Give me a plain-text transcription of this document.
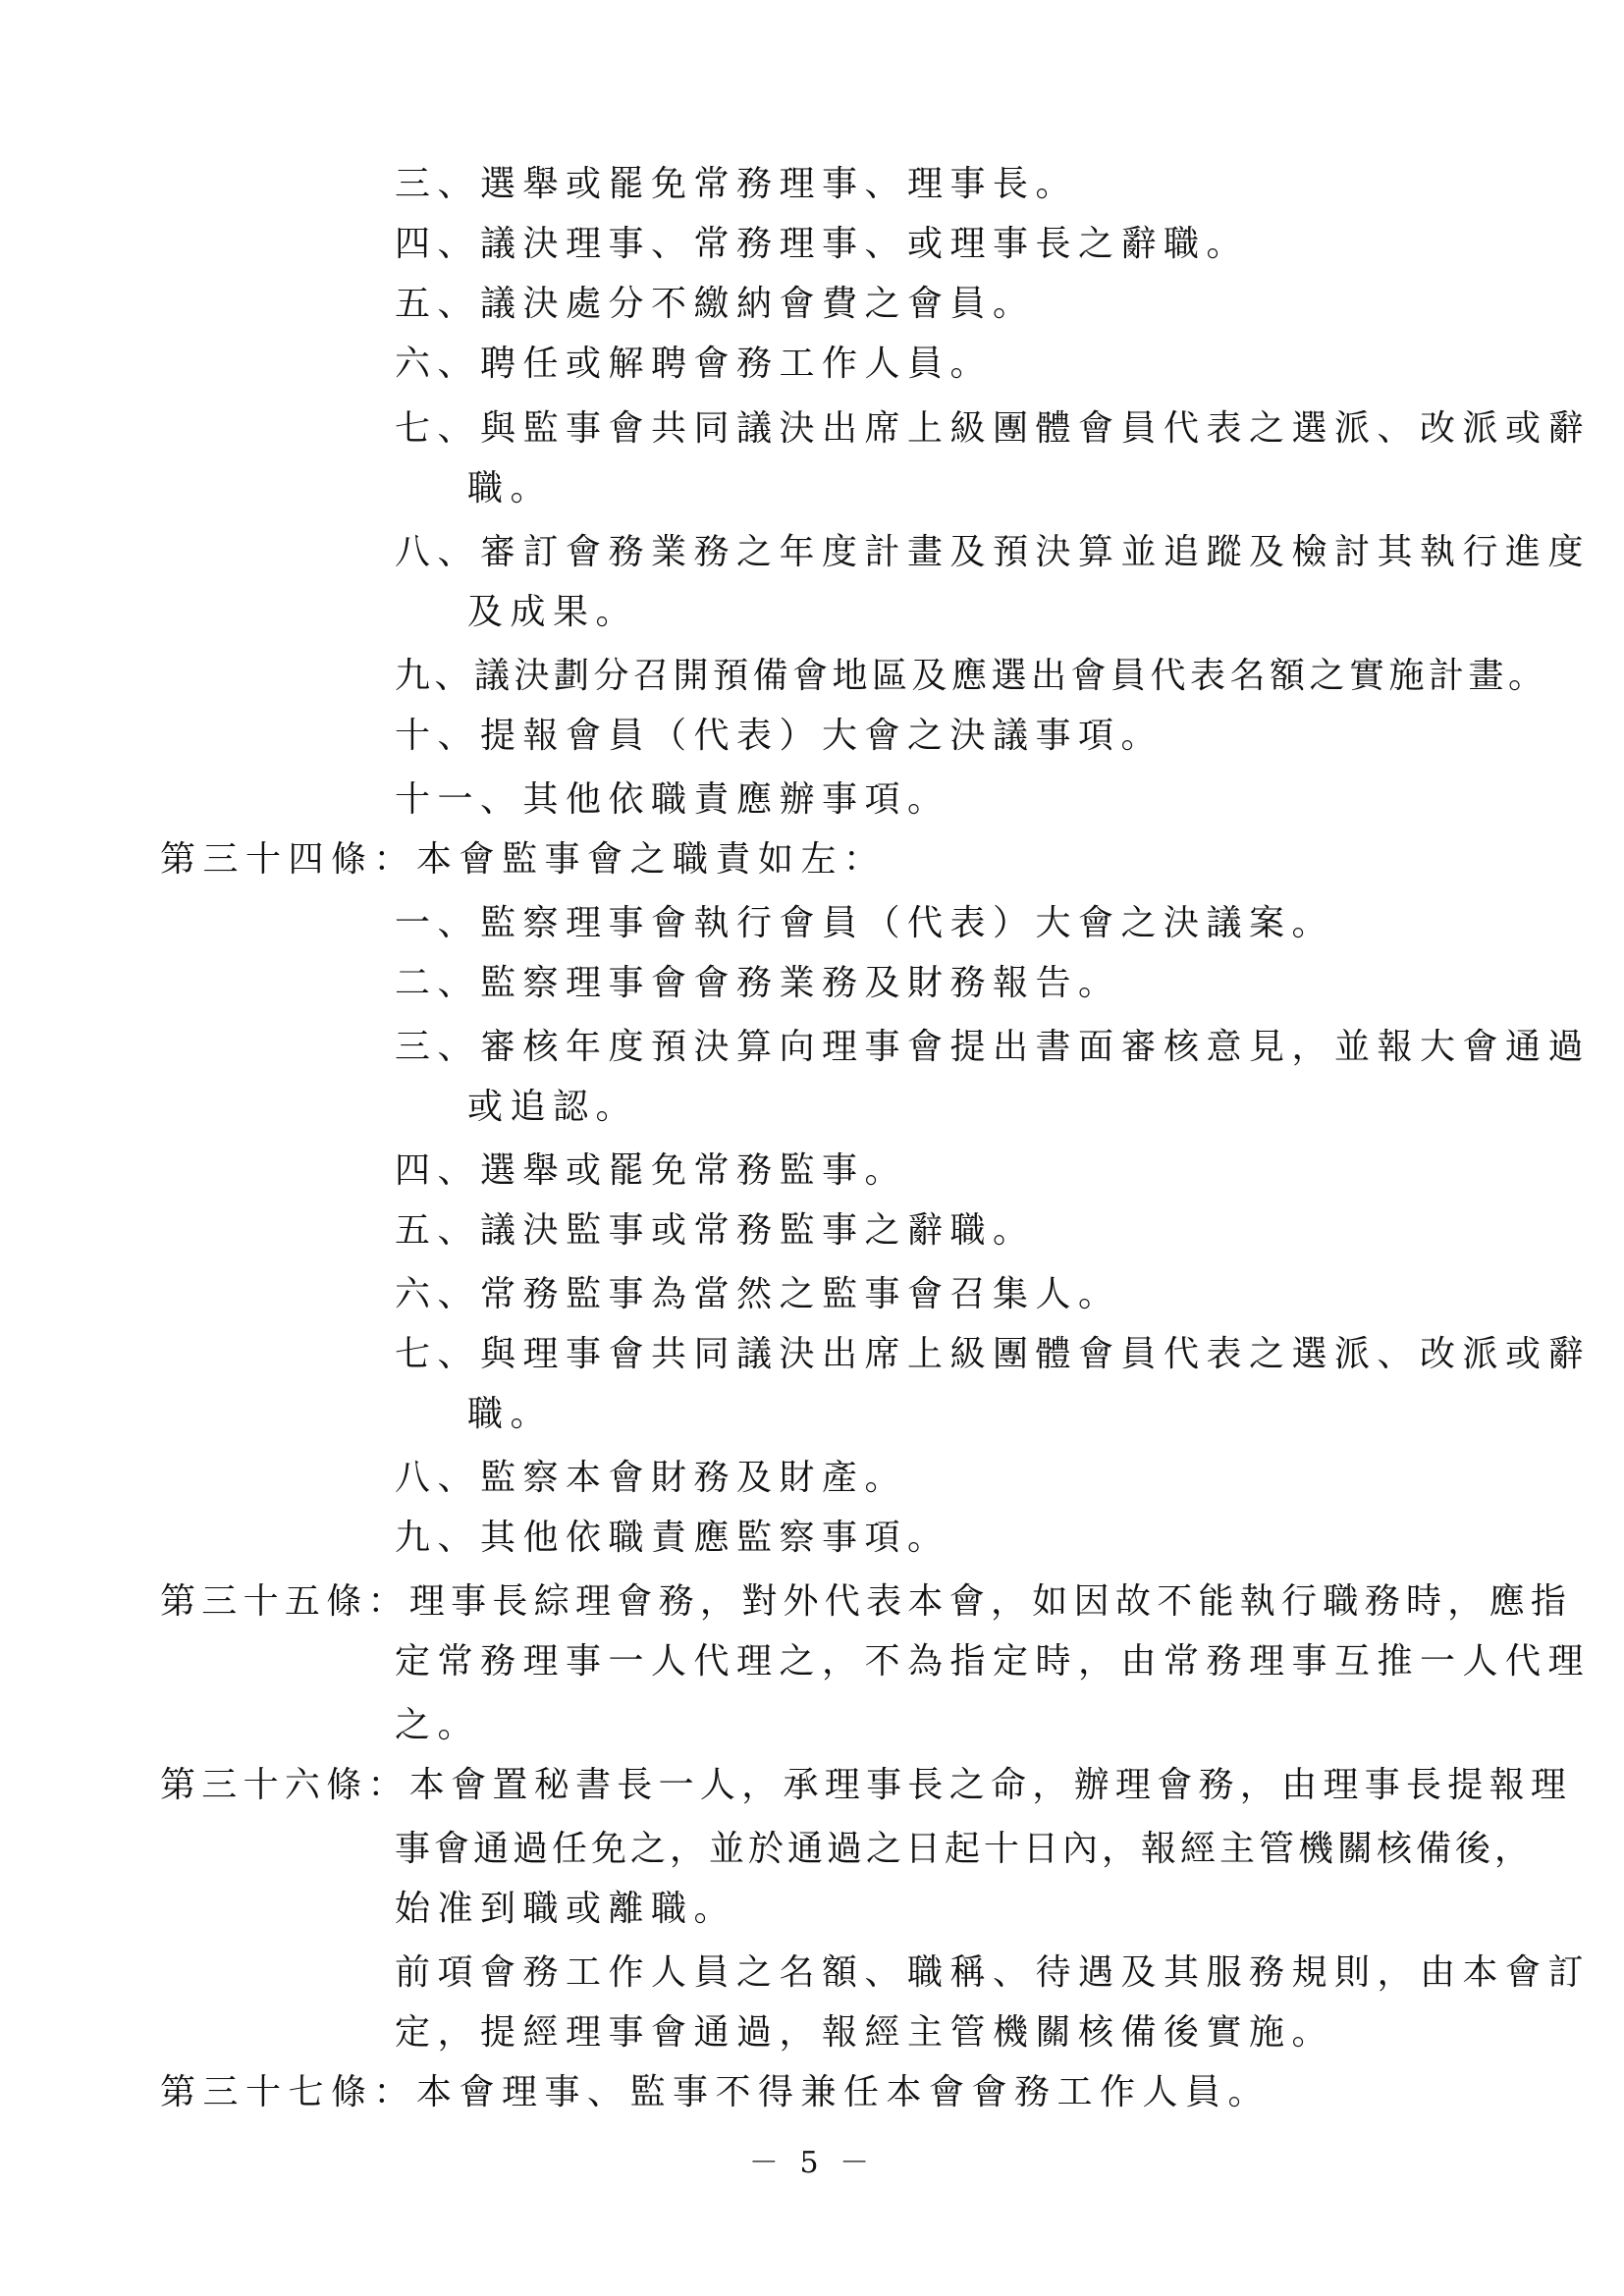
三、選舉或罷免常務理事、理事長。
四、議決理事、常務理事、或理事長之辭職。
五、議決處分不繳納會費之會員。
六、聘任或解聘會務工作人員。
七、與監事會共同議決出席上級團體會員代表之選派、改派或辭
職。
八、審訂會務業務之年度計畫及預決算並追蹤及檢討其執行進度
及成果。
九、議決劃分召開預備會地區及應選出會員代表名額之實施計畫。
十、提報會員（代表）大會之決議事項。
十一、其他依職責應辦事項。
第三十四條：本會監事會之職責如左：
一、監察理事會執行會員（代表）大會之決議案。
二、監察理事會會務業務及財務報告。
三、審核年度預決算向理事會提出書面審核意見，並報大會通過
或追認。
四、選舉或罷免常務監事。
五、議決監事或常務監事之辭職。
六、常務監事為當然之監事會召集人。
七、與理事會共同議決出席上級團體會員代表之選派、改派或辭
職。
八、監察本會財務及財產。
九、其他依職責應監察事項。
第三十五條：理事長綜理會務，對外代表本會，如因故不能執行職務時，應指
定常務理事一人代理之，不為指定時，由常務理事互推一人代理
之。
第三十六條：本會置秘書長一人，承理事長之命，辦理會務，由理事長提報理
事會通過任免之，並於通過之日起十日內，報經主管機關核備後，
始准到職或離職。
前項會務工作人員之名額、職稱、待遇及其服務規則，由本會訂
定，提經理事會通過，報經主管機關核備後實施。
第三十七條：本會理事、監事不得兼任本會會務工作人員。
－ 5 －
